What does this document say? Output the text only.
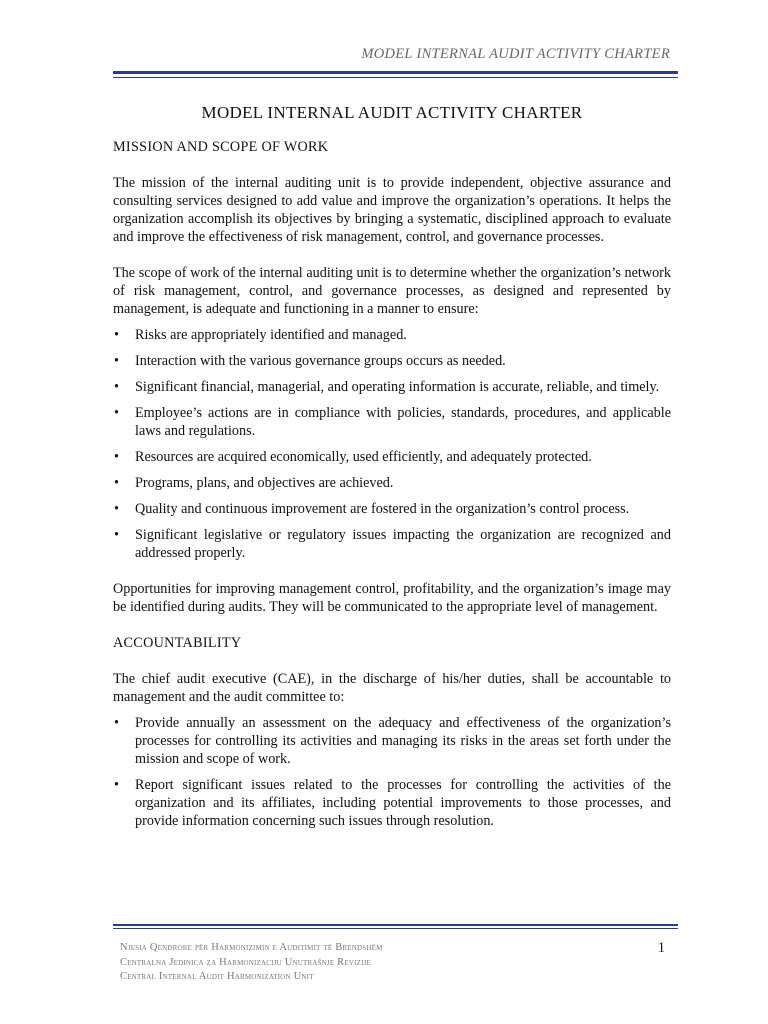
MODEL INTERNAL AUDIT ACTIVITY CHARTER
MODEL INTERNAL AUDIT ACTIVITY CHARTER
MISSION AND SCOPE OF WORK

The mission of the internal auditing unit is to provide independent, objective assurance and consulting services designed to add value and improve the organization’s operations. It helps the organization accomplish its objectives by bringing a systematic, disciplined approach to evaluate and improve the effectiveness of risk management, control, and governance processes.

The scope of work of the internal auditing unit is to determine whether the organization’s network of risk management, control, and governance processes, as designed and represented by management, is adequate and functioning in a manner to ensure:

• Risks are appropriately identified and managed.
• Interaction with the various governance groups occurs as needed.
• Significant financial, managerial, and operating information is accurate, reliable, and timely.
• Employee’s actions are in compliance with policies, standards, procedures, and applicable laws and regulations.
• Resources are acquired economically, used efficiently, and adequately protected.
• Programs, plans, and objectives are achieved.
• Quality and continuous improvement are fostered in the organization’s control process.
• Significant legislative or regulatory issues impacting the organization are recognized and addressed properly.

Opportunities for improving management control, profitability, and the organization’s image may be identified during audits. They will be communicated to the appropriate level of management.

ACCOUNTABILITY

The chief audit executive (CAE), in the discharge of his/her duties, shall be accountable to management and the audit committee to:

• Provide annually an assessment on the adequacy and effectiveness of the organization’s processes for controlling its activities and managing its risks in the areas set forth under the mission and scope of work.
• Report significant issues related to the processes for controlling the activities of the organization and its affiliates, including potential improvements to those processes, and provide information concerning such issues through resolution.
Njesia Qendrore për Harmonizimin e Auditimit të Brendshëm
Centralna Jedinica za Harmonizaciju Unutrašnje Revizije
Central Internal Audit Harmonization Unit
1
